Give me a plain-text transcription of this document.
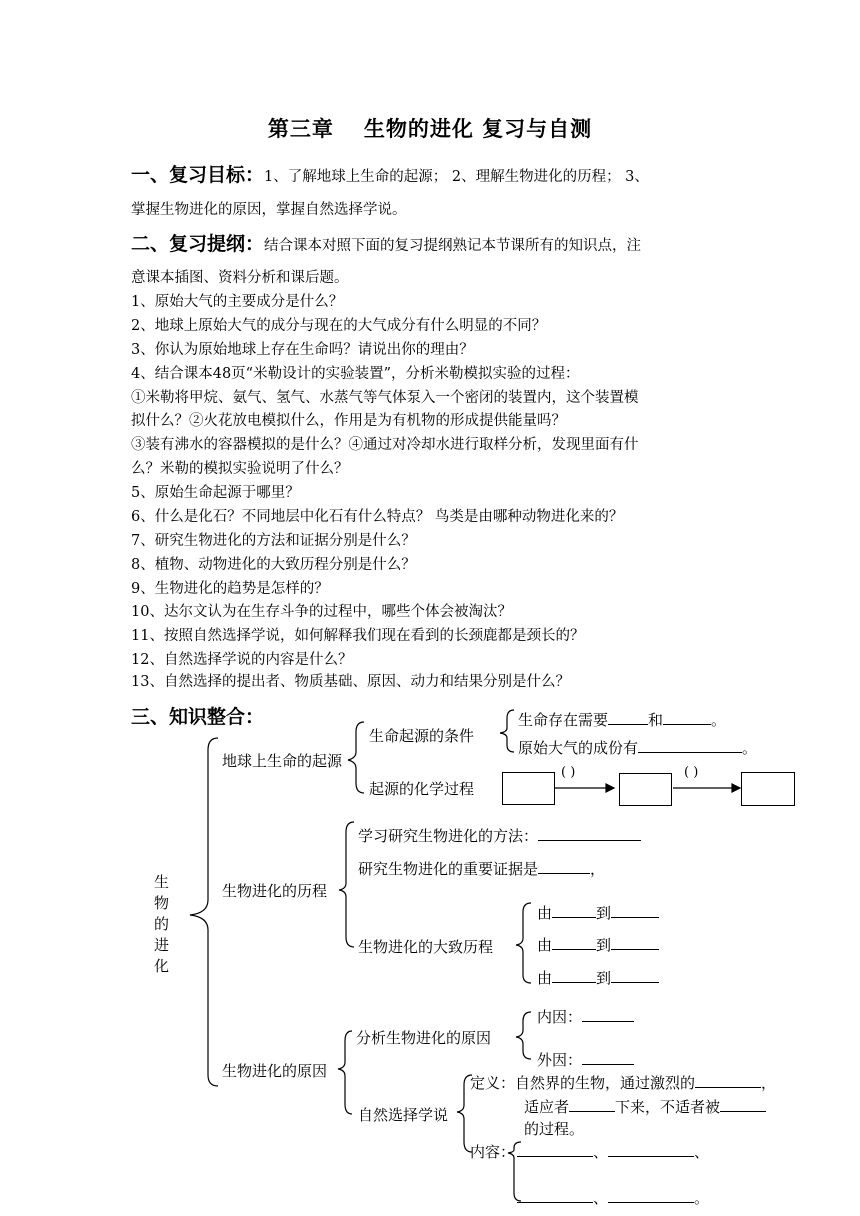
第三章 生物的进化 复习与自测
一、复习目标：1、了解地球上生命的起源； 2、理解生物进化的历程； 3、
掌握生物进化的原因，掌握自然选择学说。
二、复习提纲：结合课本对照下面的复习提纲熟记本节课所有的知识点，注
意课本插图、资料分析和课后题。
1、原始大气的主要成分是什么？
2、地球上原始大气的成分与现在的大气成分有什么明显的不同？
3、你认为原始地球上存在生命吗？请说出你的理由？
4、结合课本48页“米勒设计的实验装置”，分析米勒模拟实验的过程：
①米勒将甲烷、氨气、氢气、水蒸气等气体泵入一个密闭的装置内，这个装置模
拟什么？②火花放电模拟什么，作用是为有机物的形成提供能量吗？
③装有沸水的容器模拟的是什么？④通过对冷却水进行取样分析，发现里面有什
么？米勒的模拟实验说明了什么？
5、原始生命起源于哪里？
6、什么是化石？不同地层中化石有什么特点？ 鸟类是由哪种动物进化来的？
7、研究生物进化的方法和证据分别是什么？
8、植物、动物进化的大致历程分别是什么？
9、生物进化的趋势是怎样的？
10、达尔文认为在生存斗争的过程中，哪些个体会被淘汰？
11、按照自然选择学说，如何解释我们现在看到的长颈鹿都是颈长的？
12、自然选择学说的内容是什么？
13、自然选择的提出者、物质基础、原因、动力和结果分别是什么？
三、知识整合：
生物的进化
地球上生命的起源
生命起源的条件
生命存在需要	和	。
原始大气的成份有	。
起源的化学过程
( )	( )
生物进化的历程
学习研究生物进化的方法：
研究生物进化的重要证据是	，
生物进化的大致历程
由	到
由	到
由	到
生物进化的原因
分析生物进化的原因
内因：
外因：
自然选择学说
定义：自然界的生物，通过激烈的	，
适应者	下来，不适者被
的过程。
内容：	、	、
、	。
